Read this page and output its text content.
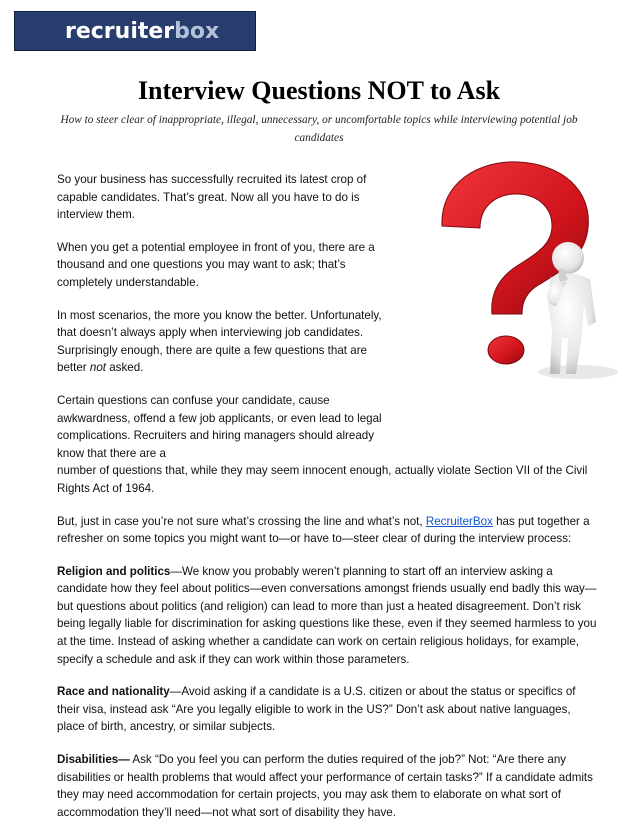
recruiter box
Interview Questions NOT to Ask

How to steer clear of inappropriate, illegal, unnecessary, or uncomfortable topics while interviewing potential job candidates

So your business has successfully recruited its latest crop of capable candidates. That’s great. Now all you have to do is interview them.

When you get a potential employee in front of you, there are a thousand and one questions you may want to ask; that’s completely understandable.

In most scenarios, the more you know the better. Unfortunately, that doesn’t always apply when interviewing job candidates. Surprisingly enough, there are quite a few questions that are better not asked.

Certain questions can confuse your candidate, cause awkwardness, offend a few job applicants, or even lead to legal complications. Recruiters and hiring managers should already know that there are a

number of questions that, while they may seem innocent enough, actually violate Section VII of the Civil Rights Act of 1964.

But, just in case you’re not sure what’s crossing the line and what’s not, RecruiterBox has put together a refresher on some topics you might want to—or have to—steer clear of during the interview process:

Religion and politics—We know you probably weren’t planning to start off an interview asking a candidate how they feel about politics—even conversations amongst friends usually end badly this way—but questions about politics (and religion) can lead to more than just a heated disagreement. Don’t risk being legally liable for discrimination for asking questions like these, even if they seemed harmless to you at the time. Instead of asking whether a candidate can work on certain religious holidays, for example, specify a schedule and ask if they can work within those parameters.

Race and nationality—Avoid asking if a candidate is a U.S. citizen or about the status or specifics of their visa, instead ask “Are you legally eligible to work in the US?” Don’t ask about native languages, place of birth, ancestry, or similar subjects.

Disabilities— Ask “Do you feel you can perform the duties required of the job?” Not: “Are there any disabilities or health problems that would affect your performance of certain tasks?” If a candidate admits they may need accommodation for certain projects, you may ask them to elaborate on what sort of accommodation they’ll need—not what sort of disability they have.
